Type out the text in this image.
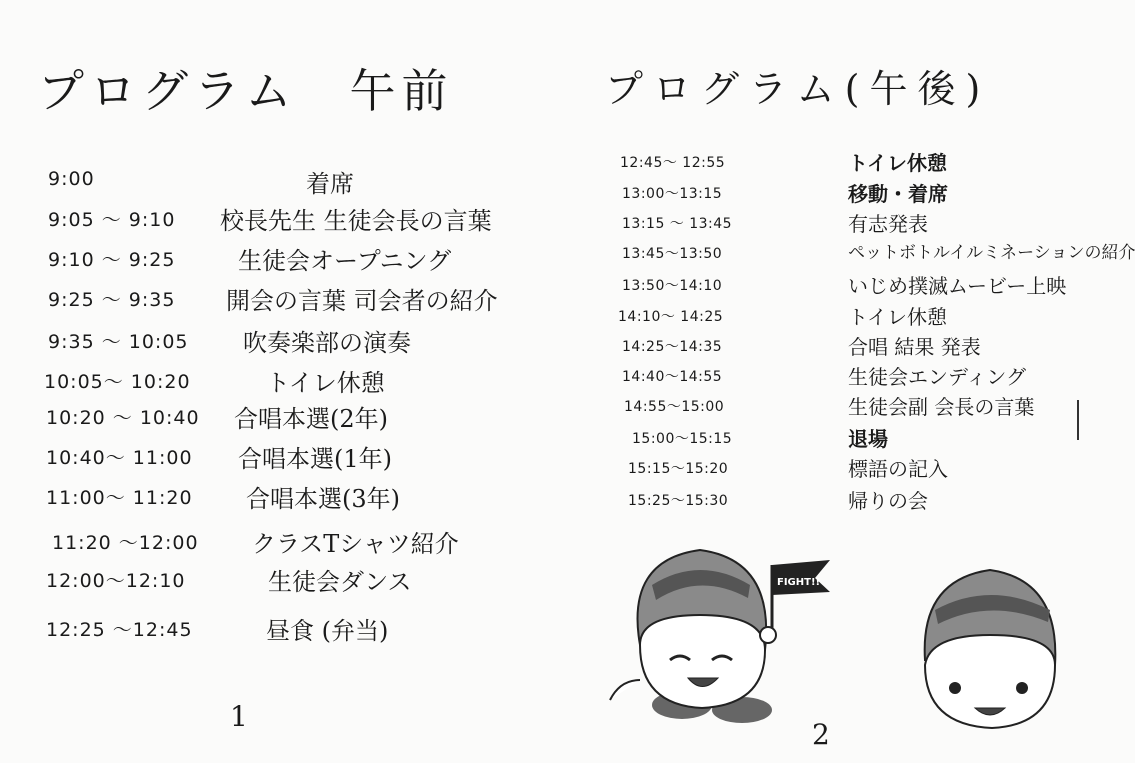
プログラム　午前
9:00	着席
9:05 ～ 9:10 校長先生 生徒会長の言葉
9:10 ～ 9:25	生徒会オープニング
9:25 ～ 9:35 開会の言葉 司会者の紹介
9:35 ～ 10:05 吹奏楽部の演奏
10:05～ 10:20	トイレ休憩
10:20 ～ 10:40 合唱本選(2年)
10:40～ 11:00 合唱本選(1年)
11:00～ 11:20 合唱本選(3年)
11:20 ～12:00 クラスTシャツ紹介
12:00～12:10	生徒会ダンス
12:25 ～12:45	昼食 (弁当)
1
プログラム(午後)
12:45～ 12:55	トイレ休憩
13:00～13:15	移動・着席
13:15 ～ 13:45	有志発表
13:45～13:50	ペットボトルイルミネーションの紹介
13:50～14:10	いじめ撲滅ムービー上映
14:10～ 14:25	トイレ休憩
14:25～14:35	合唱 結果 発表
14:40～14:55	生徒会エンディング
14:55～15:00	生徒会副 会長の言葉
15:00～15:15	退場
15:15～15:20	標語の記入
15:25～15:30	帰りの会
FIGHT!!
2
